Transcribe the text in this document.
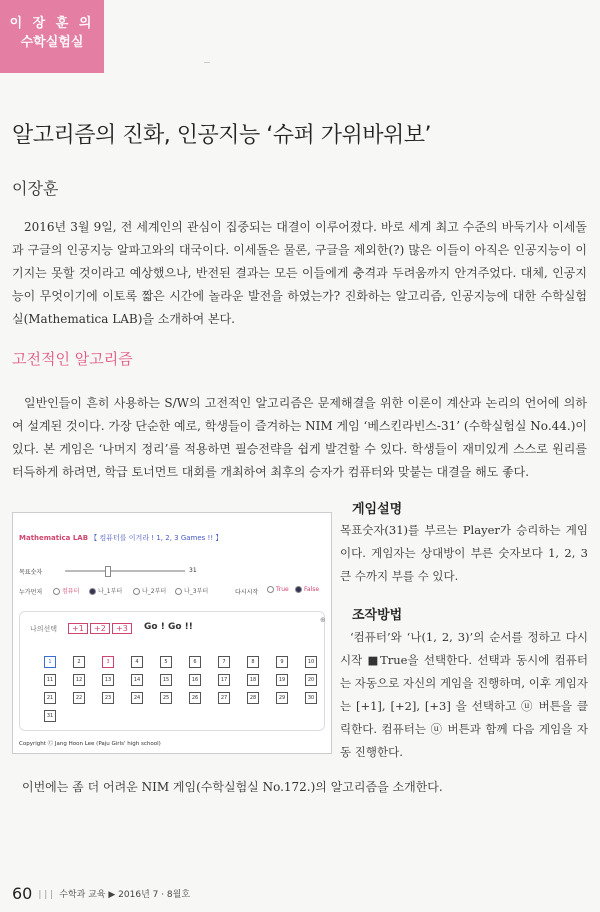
이 장 훈 의
수학실험실
알고리즘의 진화, 인공지능 ‘슈퍼 가위바위보’
이장훈

2016년 3월 9일, 전 세계인의 관심이 집중되는 대결이 이루어졌다. 바로 세계 최고 수준의 바둑기사 이세돌과 구글의 인공지능 알파고와의 대국이다. 이세돌은 물론, 구글을 제외한(?) 많은 이들이 아직은 인공지능이 이기지는 못할 것이라고 예상했으나, 반전된 결과는 모든 이들에게 충격과 두려움까지 안겨주었다. 대체, 인공지능이 무엇이기에 이토록 짧은 시간에 놀라운 발전을 하였는가? 진화하는 알고리즘, 인공지능에 대한 수학실험실(Mathematica LAB)을 소개하여 본다.

고전적인 알고리즘

일반인들이 흔히 사용하는 S/W의 고전적인 알고리즘은 문제해결을 위한 이론이 계산과 논리의 언어에 의하여 설계된 것이다. 가장 단순한 예로, 학생들이 즐겨하는 NIM 게임 ‘베스킨라빈스-31’ (수학실험실 No.44.)이 있다. 본 게임은 ‘나머지 정리’를 적용하면 필승전략을 쉽게 발견할 수 있다. 학생들이 재미있게 스스로 원리를 터득하게 하려면, 학급 토너먼트 대회를 개최하여 최후의 승자가 컴퓨터와 맞붙는 대결을 해도 좋다.

Mathematica LAB 【 컴퓨터를 이겨라 ! 1, 2, 3 Games !! 】
목표숫자	31
누가먼저	컴퓨터	나_1부터	나_2부터	나_3부터	다시시작	True	False
나의선택	+1	+2	+3	Go ! Go !!
⊕
1	2	3	4	5	6	7	8	9	10
11	12	13	14	15	16	17	18	19	20
21	22	23	24	25	26	27	28	29	30
31
Copyright Ⓒ Jang Hoon Lee (Paju Girls' high school)
게임설명

목표숫자(31)를 부르는 Player가 승리하는 게임이다. 게임자는 상대방이 부른 숫자보다 1, 2, 3 큰 수까지 부를 수 있다.

조작방법

‘컴퓨터’와 ‘나(1, 2, 3)’의 순서를 정하고 다시시작 ■True을 선택한다. 선택과 동시에 컴퓨터는 자동으로 자신의 게임을 진행하며, 이후 게임자는 [+1], [+2], [+3] 을 선택하고 ⓤ 버튼을 클릭한다. 컴퓨터는 ⓤ 버튼과 함께 다음 게임을 자동 진행한다.

이번에는 좀 더 어려운 NIM 게임(수학실험실 No.172.)의 알고리즘을 소개한다.

60 | | | 수학과 교육 ▶ 2016년 7 · 8월호
